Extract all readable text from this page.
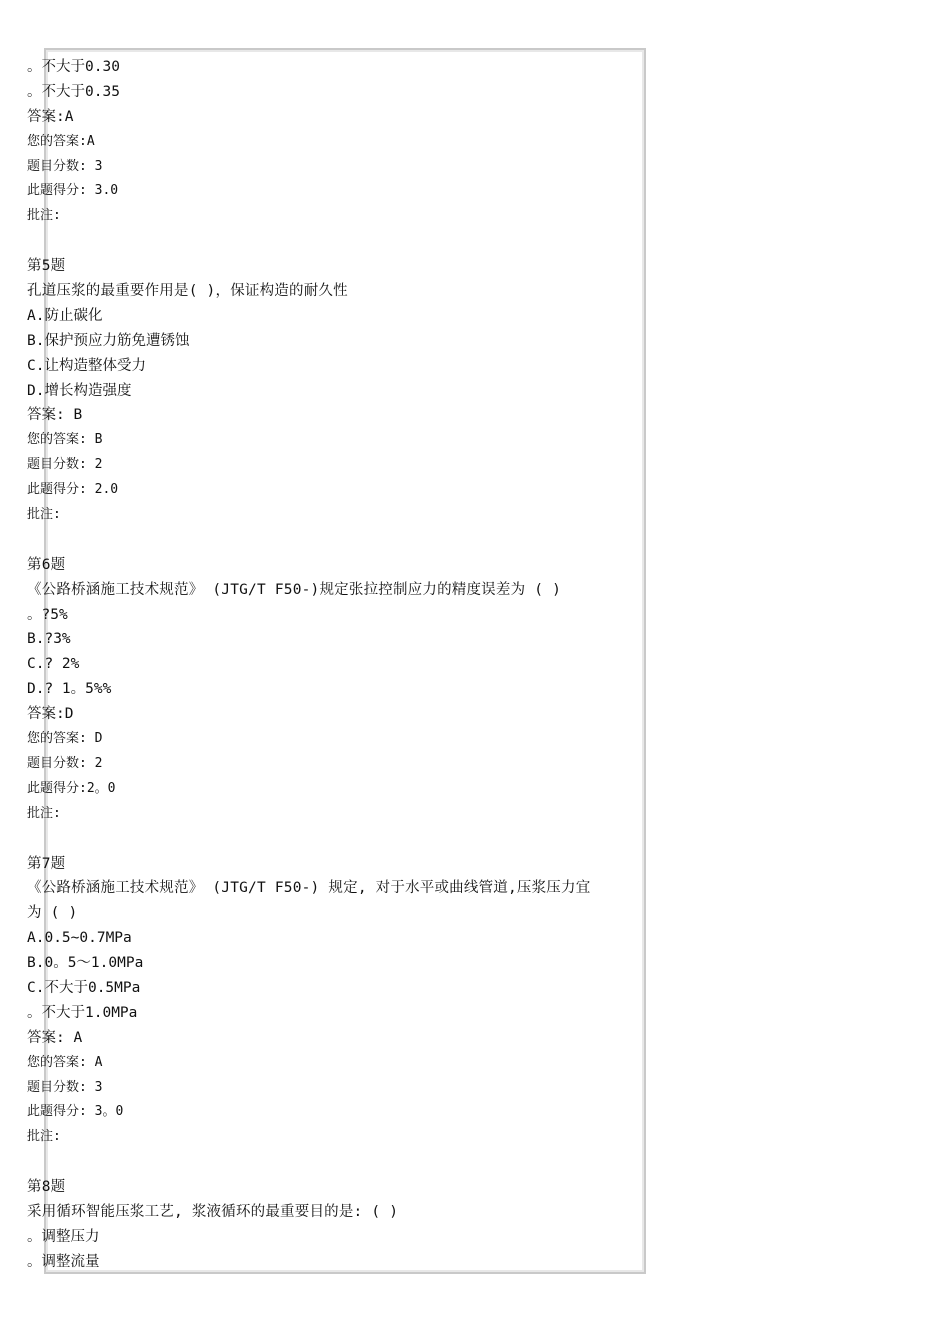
。不大于0.30
。不大于0.35
答案:A
您的答案:A
题目分数: 3
此题得分: 3.0
批注:
第5题
孔道压浆的最重要作用是( )，保证构造的耐久性
A.防止碳化
B.保护预应力筋免遭锈蚀
C.让构造整体受力
D.增长构造强度
答案: B
您的答案: B
题目分数: 2
此题得分: 2.0
批注:
第6题
《公路桥涵施工技术规范》 (JTG/T F50-)规定张拉控制应力的精度误差为 ( )
。?5%
B.?3%
C.? 2%
D.? 1。5%%
答案:D
您的答案: D
题目分数: 2
此题得分:2。0
批注:
第7题
《公路桥涵施工技术规范》 (JTG/T F50-) 规定, 对于水平或曲线管道,压浆压力宜
为 ( )
A.0.5~0.7MPa
B.0。5～1.0MPa
C.不大于0.5MPa
。不大于1.0MPa
答案: A
您的答案: A
题目分数: 3
此题得分: 3。0
批注:
第8题
采用循环智能压浆工艺, 浆液循环的最重要目的是: ( )
。调整压力
。调整流量
